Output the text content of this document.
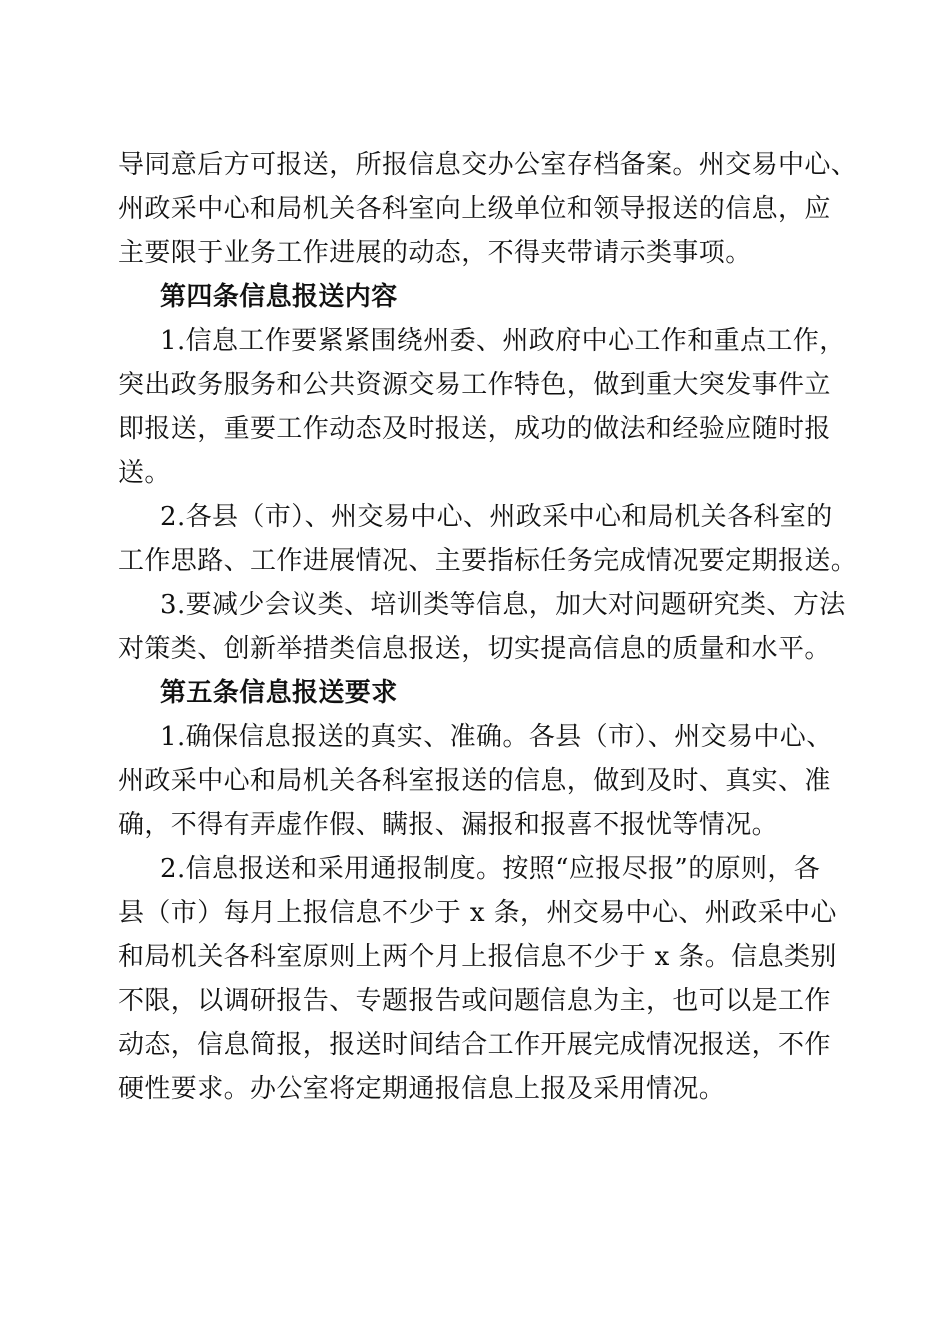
导同意后方可报送，所报信息交办公室存档备案。州交易中心、
州政采中心和局机关各科室向上级单位和领导报送的信息，应
主要限于业务工作进展的动态，不得夹带请示类事项。
第四条信息报送内容
1.信息工作要紧紧围绕州委、州政府中心工作和重点工作，
突出政务服务和公共资源交易工作特色，做到重大突发事件立
即报送，重要工作动态及时报送，成功的做法和经验应随时报
送。
2.各县（市）、州交易中心、州政采中心和局机关各科室的
工作思路、工作进展情况、主要指标任务完成情况要定期报送。
3.要减少会议类、培训类等信息，加大对问题研究类、方法
对策类、创新举措类信息报送，切实提高信息的质量和水平。
第五条信息报送要求
1.确保信息报送的真实、准确。各县（市）、州交易中心、
州政采中心和局机关各科室报送的信息，做到及时、真实、准
确，不得有弄虚作假、瞒报、漏报和报喜不报忧等情况。
2.信息报送和采用通报制度。按照“应报尽报”的原则，各
县（市）每月上报信息不少于 x 条，州交易中心、州政采中心
和局机关各科室原则上两个月上报信息不少于 x 条。信息类别
不限，以调研报告、专题报告或问题信息为主，也可以是工作
动态，信息简报，报送时间结合工作开展完成情况报送，不作
硬性要求。办公室将定期通报信息上报及采用情况。
